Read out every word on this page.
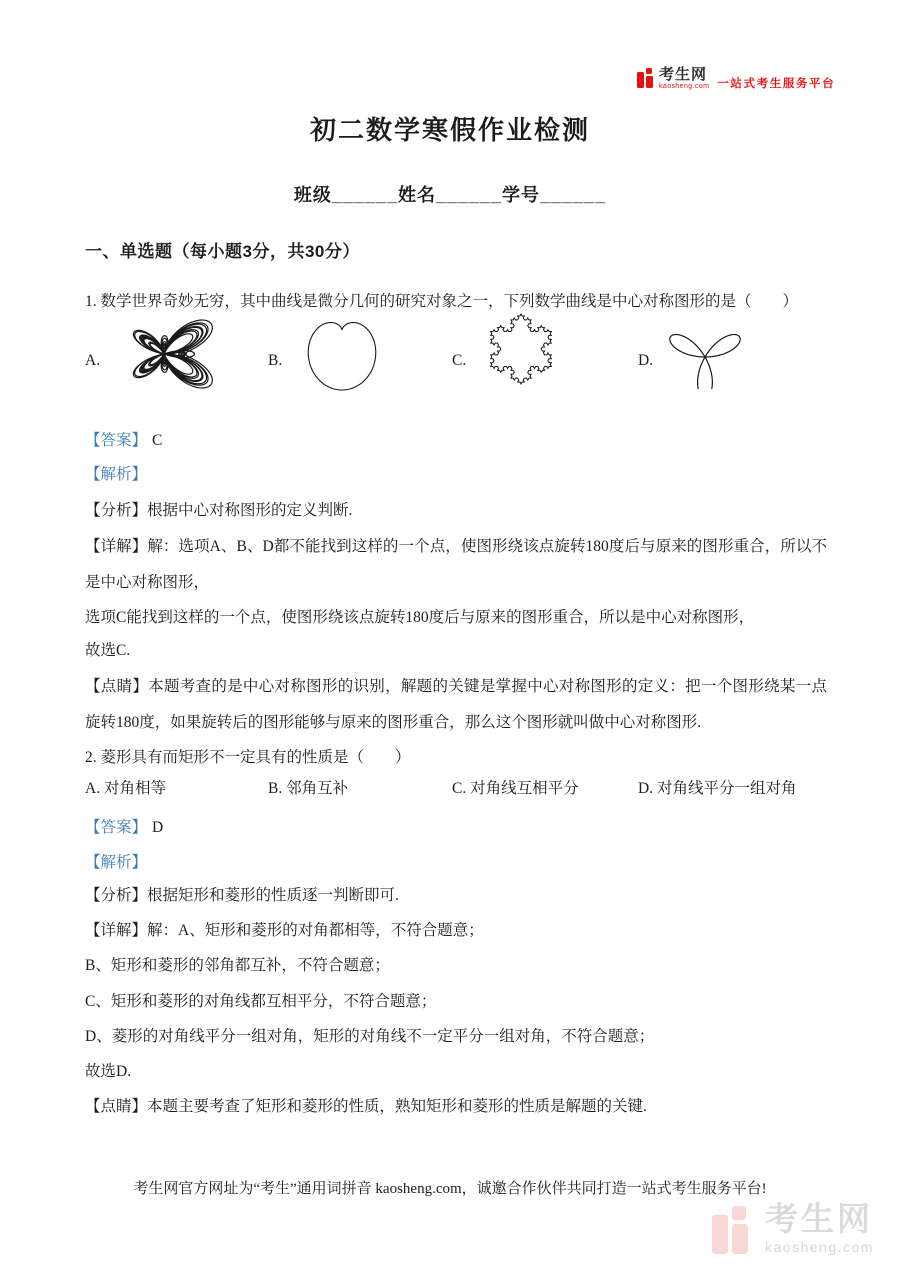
考生网
kaosheng.com 一站式考生服务平台
初二数学寒假作业检测
班级______姓名______学号______
一、单选题（每小题3分，共30分）
1. 数学世界奇妙无穷，其中曲线是微分几何的研究对象之一，下列数学曲线是中心对称图形的是（　　）
A.	B.	C.	D.
【答案】 C
【解析】
【分析】根据中心对称图形的定义判断.
【详解】解：选项A、B、D都不能找到这样的一个点，使图形绕该点旋转180度后与原来的图形重合，所以不是中心对称图形，
选项C能找到这样的一个点，使图形绕该点旋转180度后与原来的图形重合，所以是中心对称图形，
故选C.
【点睛】本题考查的是中心对称图形的识别，解题的关键是掌握中心对称图形的定义：把一个图形绕某一点旋转180度，如果旋转后的图形能够与原来的图形重合，那么这个图形就叫做中心对称图形.
2. 菱形具有而矩形不一定具有的性质是（　　）
A. 对角相等	B. 邻角互补	C. 对角线互相平分	D. 对角线平分一组对角
【答案】 D
【解析】
【分析】根据矩形和菱形的性质逐一判断即可.
【详解】解：A、矩形和菱形的对角都相等，不符合题意；
B、矩形和菱形的邻角都互补，不符合题意；
C、矩形和菱形的对角线都互相平分，不符合题意；
D、菱形的对角线平分一组对角，矩形的对角线不一定平分一组对角，不符合题意；
故选D.
【点睛】本题主要考查了矩形和菱形的性质，熟知矩形和菱形的性质是解题的关键.
考生网官方网址为“考生”通用词拼音 kaosheng.com，诚邀合作伙伴共同打造一站式考生服务平台!
考生网
kaosheng.com
